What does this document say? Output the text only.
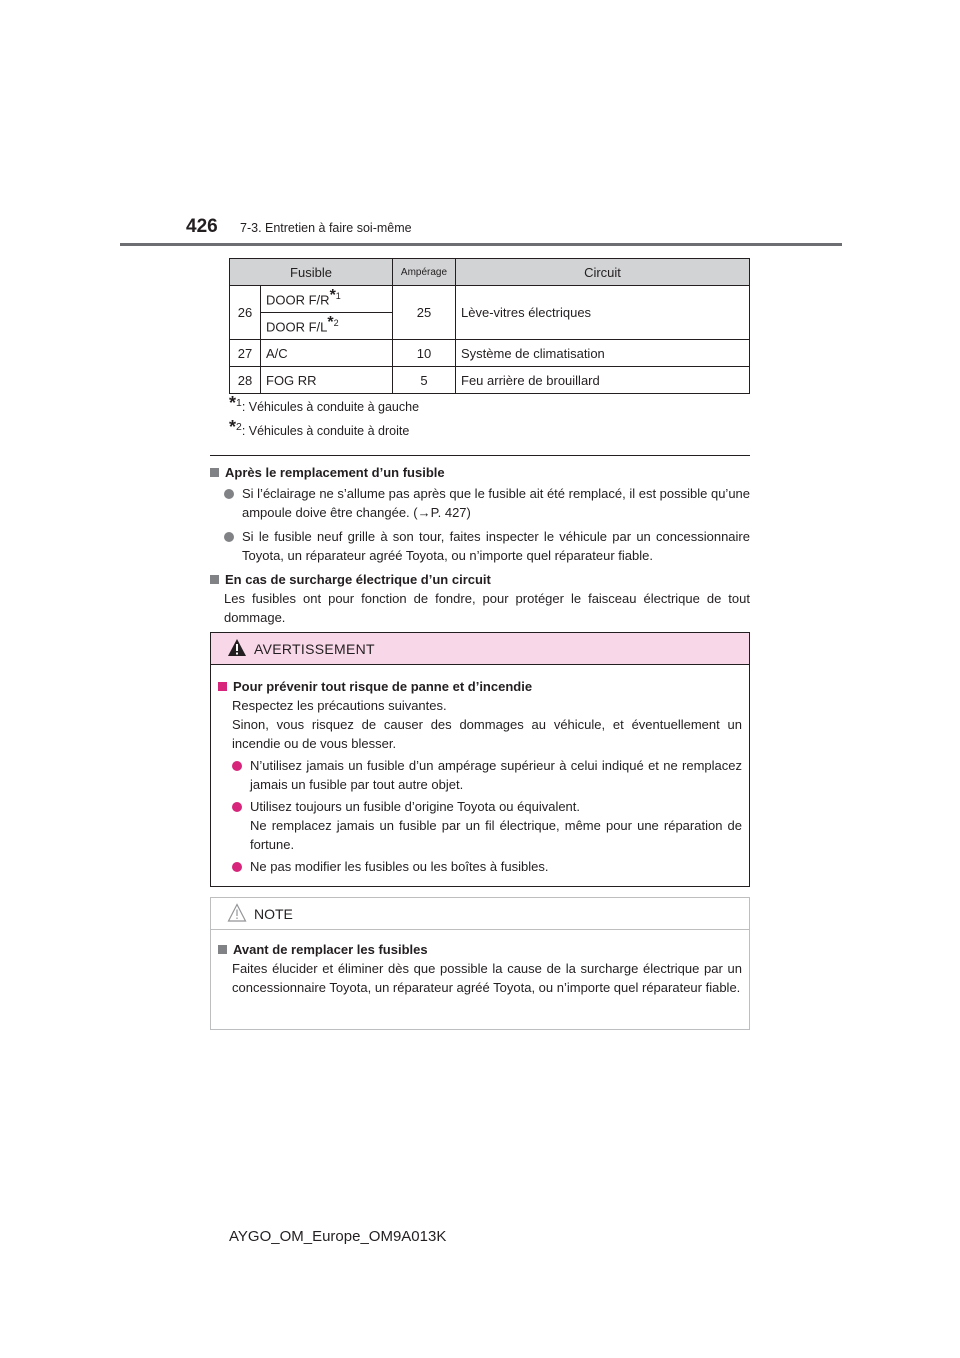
426 7-3. Entretien à faire soi-même
Fusible		Ampérage	Circuit
26	DOOR F/R*$^1$	25	Lève-vitres électriques
	DOOR F/L*$^2$
27	A/C	10	Système de climatisation
28	FOG RR	5	Feu arrière de brouillard
*$^1$: Véhicules à conduite à gauche
*$^2$: Véhicules à conduite à droite
Après le remplacement d’un fusible
Si l’éclairage ne s’allume pas après que le fusible ait été remplacé, il est possible qu’une ampoule doive être changée. (→P. 427)
Si le fusible neuf grille à son tour, faites inspecter le véhicule par un concessionnaire Toyota, un réparateur agréé Toyota, ou n’importe quel réparateur fiable.
En cas de surcharge électrique d’un circuit
Les fusibles ont pour fonction de fondre, pour protéger le faisceau électrique de tout dommage.
AVERTISSEMENT
Pour prévenir tout risque de panne et d’incendie
Respectez les précautions suivantes.
Sinon, vous risquez de causer des dommages au véhicule, et éventuellement un incendie ou de vous blesser.
N’utilisez jamais un fusible d’un ampérage supérieur à celui indiqué et ne remplacez jamais un fusible par tout autre objet.
Utilisez toujours un fusible d’origine Toyota ou équivalent.
Ne remplacez jamais un fusible par un fil électrique, même pour une réparation de fortune.
Ne pas modifier les fusibles ou les boîtes à fusibles.
NOTE
Avant de remplacer les fusibles
Faites élucider et éliminer dès que possible la cause de la surcharge électrique par un concessionnaire Toyota, un réparateur agréé Toyota, ou n’importe quel réparateur fiable.
AYGO_OM_Europe_OM9A013K
